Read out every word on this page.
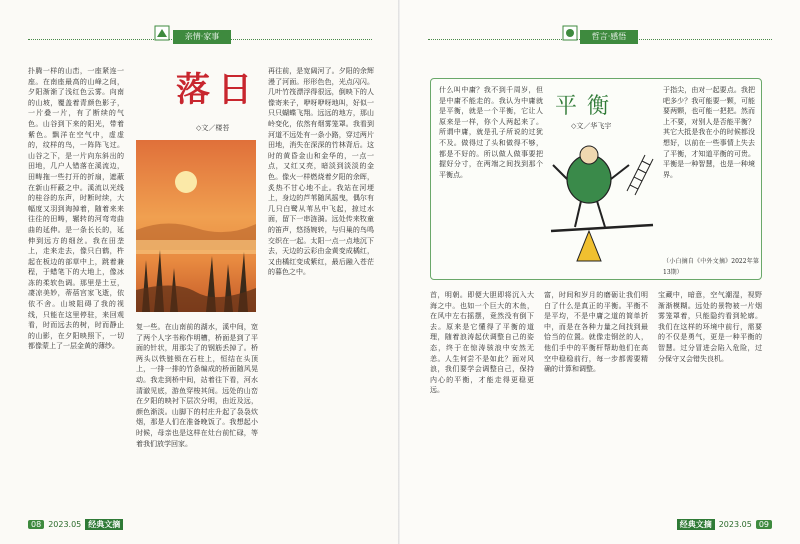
亲情·家事
扑腾一样的山峦，一座紧连一座。在南座最高的山峰之间，夕阳渐渐了浅红色云雾。向南的山坡，覆盖着青颜色影子，一片叠一片，有了断续的气色。山谷到下来的阳光，带着紫色。飘洋在空气中，虚虚的，纹样的鸟，一阵阵飞过。山谷之下，是一片向东斜出的田地，几户人错落在溪流边，田畴拖一些打开的折扇，遮蔽在新山杆蔽之中。溪流以光线的桂谷的东声，时断时续，大幅度又羽到淘掉着，随着来来往往的田畴，辗转的河弯弯曲曲的延伸。是一条长长的，延伸到远方的细丝。我在田垄上，走来走去，像只白鹤，杵起在板边的部草中上，跳着兼程，于蜡笔下的大地上，像冰冻的柔软色调。那里是土豆，凄凉美妙，蒂蓓宫家飞逝，依依不舍。山坡阻碍了我的视线，只能在这里停驻，来回观看，时而远去的树，时而静止的山影，在夕阳映照下，一切都像蒙上了一层金黄的薄纱。
落日
◇文／楼苔
再往前，是宽阔河了。夕阳的余辉漫了河面。形形色色，光点闪闪。几叶竹筏漂浮得很远，倒映下的人像寄来子，咿呀咿呀地叫，好似一只只蝴蝶飞翔。远远的地方，那山岭变化，依然有烟雾笼罩。我看到河道不远处有一条小路，穿过两片田地，消失在深深的竹林背后。这时的黄昏金山和金华的，一点一点，又红又亮，暗淡到淡淡的金色。像火一样燃烧着夕阳的余晖，炙热不甘心地不止。我站在河埂上，身边的芦苇随风摇曳，偶尔有几只白鹭从苇丛中飞起，掠过水面，留下一串涟漪。远处传来牧童的笛声，悠扬婉转，与归巢的鸟鸣交织在一起。太阳一点一点地沉下去，天边的云彩由金黄变成橘红，又由橘红变成紫红，最后融入苍茫的暮色之中。
复一些。在山南前的湖水，溪中间，宽了两个人字书称作明槽，桥面是到了平面的针状，用那尖了的钢筋丢掉了。桥两头以铁链锁在石柱上，恒结在头顶上，一排一排的竹条编成的桥面随风晃动。我走到桥中间，站着往下看，河水清澈见底，游鱼穿梭其间。远处的山峦在夕阳的映衬下层次分明，由近及远，颜色渐淡。山脚下的村庄升起了袅袅炊烟，那是人们在准备晚饭了。我想起小时候，母亲也是这样在灶台前忙碌，等着我们放学回家。
08 2023.05 经典文摘
哲言·感悟
什么叫中庸？我不到千周岁，但是中庸不能走的。我认为中庸就是平衡，就是一个平衡，它让人原来是一样，你个人两起来了。所谓中庸，就是孔子所说的过犹不及。做得过了头和做得不够，都是不好的。所以做人做事要把握好分寸，在两端之间找到那个平衡点。
平衡
◇文／华飞宇
于指尖，由对一起要点。我把吧多少？我可能要一颗，可能要两颗，也可能一把把。然而上不要，对别人是否能平衡？其它大抵是我在小的时候都没想好，以前在一些事情上失去了平衡，才知道平衡的可贵。平衡是一种智慧，也是一种境界。
（小白摘自《中外文摘》2022年第13期）
首，明朝。即便大胆即将沉入大海之中。也如一个巨大的木鱼，在风中左右摇摆，竟然没有倒下去。原来是它懂得了平衡的道理，随着浪涛起伏调整自己的姿态，终于在惊涛骇浪中安然无恙。人生何尝不是如此？面对风浪，我们要学会调整自己，保持内心的平衡，才能走得更稳更远。
富，时间和岁月的磨砺让我们明白了什么是真正的平衡。平衡不是平均，不是中庸之道的简单折中，而是在各种力量之间找到最恰当的位置。就像走钢丝的人，他们手中的平衡杆帮助他们在高空中稳稳前行，每一步都需要精确的计算和调整。
宝藏中，暗意，空气潮湿，视野渐渐模糊。远处的景物被一片烟雾笼罩着，只能隐约看到轮廓。我们在这样的环境中前行，需要的不仅是勇气，更是一种平衡的智慧。过分冒进会陷入危险，过分保守又会错失良机。
经典文摘 2023.05 09
